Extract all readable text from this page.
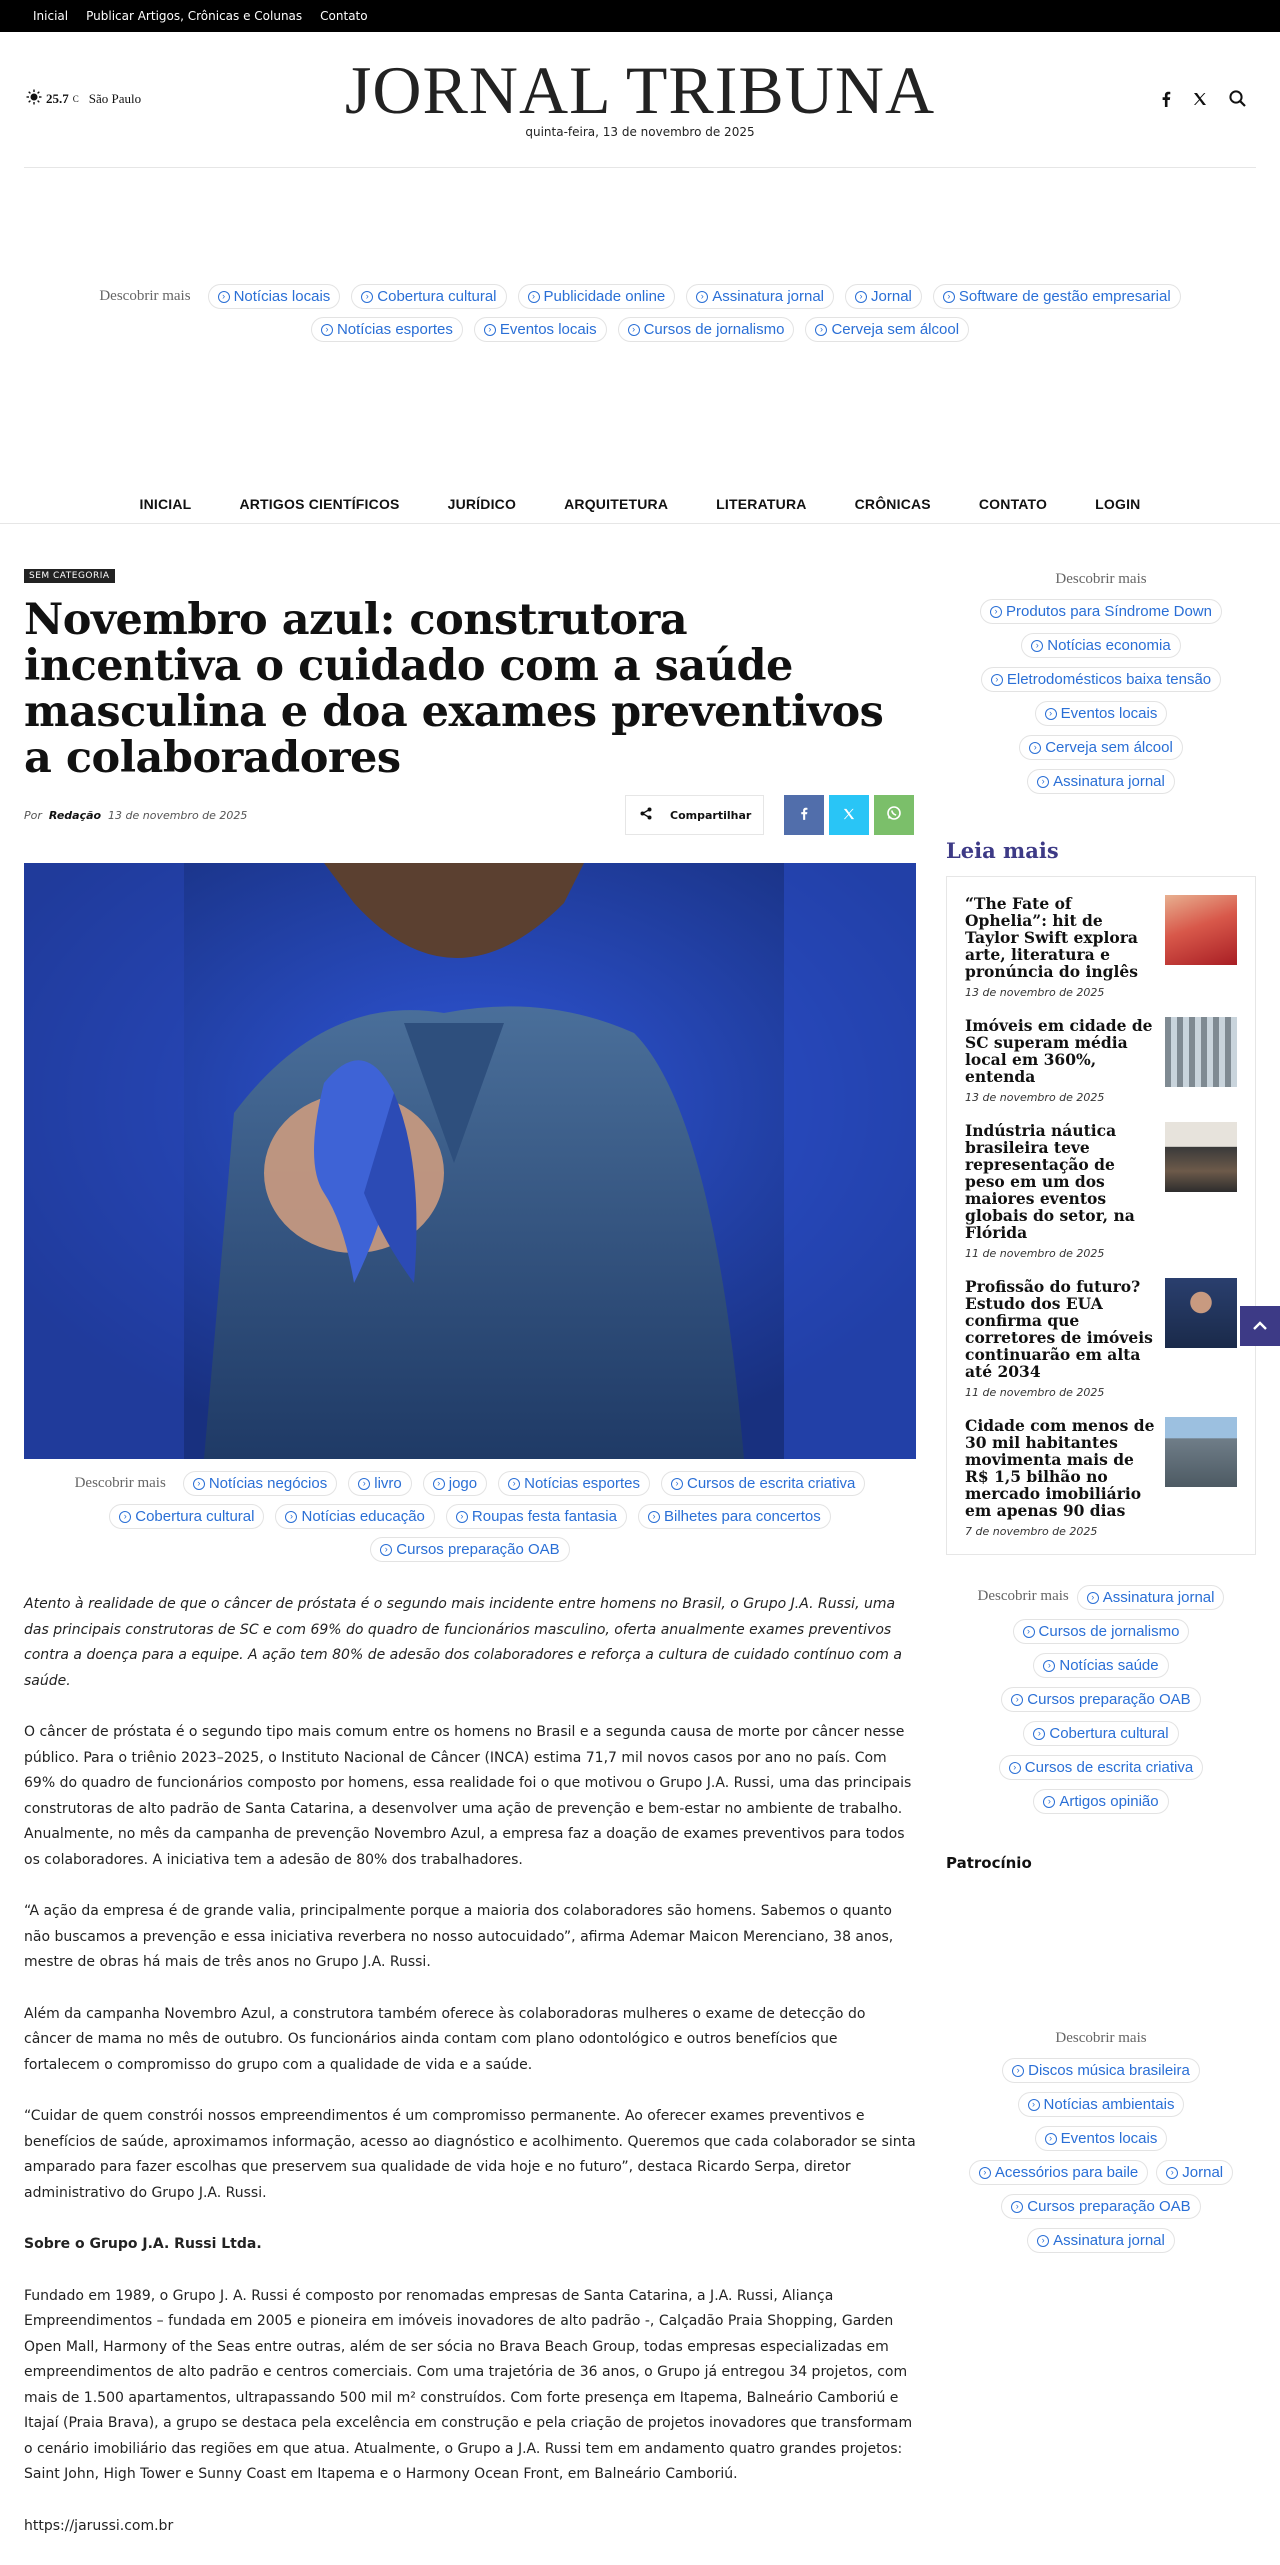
Inicial Publicar Artigos, Crônicas e Colunas Contato
25.7 C São Paulo	JORNAL TRIBUNA
quinta-feira, 13 de novembro de 2025
Descobrir mais	› Notícias locais	› Cobertura cultural	› Publicidade online	› Assinatura jornal	› Jornal	› Software de gestão empresarial
› Notícias esportes	› Eventos locais	› Cursos de jornalismo	› Cerveja sem álcool
INICIAL	ARTIGOS CIENTÍFICOS	JURÍDICO	ARQUITETURA	LITERATURA	CRÔNICAS	CONTATO	LOGIN
SEM CATEGORIA
Novembro azul: construtora incentiva o cuidado com a saúde masculina e doa exames preventivos a colaboradores
Por Redação 13 de novembro de 2025	Compartilhar
Descobrir mais	› Notícias negócios	› livro	› jogo	› Notícias esportes	› Cursos de escrita criativa
› Cobertura cultural	› Notícias educação	› Roupas festa fantasia	› Bilhetes para concertos
› Cursos preparação OAB

Atento à realidade de que o câncer de próstata é o segundo mais incidente entre homens no Brasil, o Grupo J.A. Russi, uma das principais construtoras de SC e com 69% do quadro de funcionários masculino, oferta anualmente exames preventivos contra a doença para a equipe. A ação tem 80% de adesão dos colaboradores e reforça a cultura de cuidado contínuo com a saúde.

O câncer de próstata é o segundo tipo mais comum entre os homens no Brasil e a segunda causa de morte por câncer nesse público. Para o triênio 2023–2025, o Instituto Nacional de Câncer (INCA) estima 71,7 mil novos casos por ano no país. Com 69% do quadro de funcionários composto por homens, essa realidade foi o que motivou o Grupo J.A. Russi, uma das principais construtoras de alto padrão de Santa Catarina, a desenvolver uma ação de prevenção e bem-estar no ambiente de trabalho. Anualmente, no mês da campanha de prevenção Novembro Azul, a empresa faz a doação de exames preventivos para todos os colaboradores. A iniciativa tem a adesão de 80% dos trabalhadores.

“A ação da empresa é de grande valia, principalmente porque a maioria dos colaboradores são homens. Sabemos o quanto não buscamos a prevenção e essa iniciativa reverbera no nosso autocuidado”, afirma Ademar Maicon Merenciano, 38 anos, mestre de obras há mais de três anos no Grupo J.A. Russi.

Além da campanha Novembro Azul, a construtora também oferece às colaboradoras mulheres o exame de detecção do câncer de mama no mês de outubro. Os funcionários ainda contam com plano odontológico e outros benefícios que fortalecem o compromisso do grupo com a qualidade de vida e a saúde.

“Cuidar de quem constrói nossos empreendimentos é um compromisso permanente. Ao oferecer exames preventivos e benefícios de saúde, aproximamos informação, acesso ao diagnóstico e acolhimento. Queremos que cada colaborador se sinta amparado para fazer escolhas que preservem sua qualidade de vida hoje e no futuro”, destaca Ricardo Serpa, diretor administrativo do Grupo J.A. Russi.

Sobre o Grupo J.A. Russi Ltda.

Fundado em 1989, o Grupo J. A. Russi é composto por renomadas empresas de Santa Catarina, a J.A. Russi, Aliança Empreendimentos – fundada em 2005 e pioneira em imóveis inovadores de alto padrão -, Calçadão Praia Shopping, Garden Open Mall, Harmony of the Seas entre outras, além de ser sócia no Brava Beach Group, todas empresas especializadas em empreendimentos de alto padrão e centros comerciais. Com uma trajetória de 36 anos, o Grupo já entregou 34 projetos, com mais de 1.500 apartamentos, ultrapassando 500 mil m² construídos. Com forte presença em Itapema, Balneário Camboriú e Itajaí (Praia Brava), a grupo se destaca pela excelência em construção e pela criação de projetos inovadores que transformam o cenário imobiliário das regiões em que atua. Atualmente, o Grupo a J.A. Russi tem em andamento quatro grandes projetos: Saint John, High Tower e Sunny Coast em Itapema e o Harmony Ocean Front, em Balneário Camboriú.

https://jarussi.com.br

Descobrir mais
› Produtos para Síndrome Down
› Notícias economia
› Eletrodomésticos baixa tensão
› Eventos locais
› Cerveja sem álcool
› Assinatura jornal
Leia mais
“The Fate of Ophelia”: hit de Taylor Swift explora arte, literatura e pronúncia do inglês
13 de novembro de 2025
Imóveis em cidade de SC superam média local em 360%, entenda
13 de novembro de 2025
Indústria náutica brasileira teve representação de peso em um dos maiores eventos globais do setor, na Flórida
11 de novembro de 2025
Profissão do futuro? Estudo dos EUA confirma que corretores de imóveis continuarão em alta até 2034
11 de novembro de 2025
Cidade com menos de 30 mil habitantes movimenta mais de R$ 1,5 bilhão no mercado imobiliário em apenas 90 dias
7 de novembro de 2025
Descobrir mais	› Assinatura jornal
› Cursos de jornalismo
› Notícias saúde
› Cursos preparação OAB
› Cobertura cultural
› Cursos de escrita criativa
› Artigos opinião
Patrocínio
Descobrir mais
› Discos música brasileira
› Notícias ambientais
› Eventos locais
› Acessórios para baile	› Jornal
› Cursos preparação OAB
› Assinatura jornal
